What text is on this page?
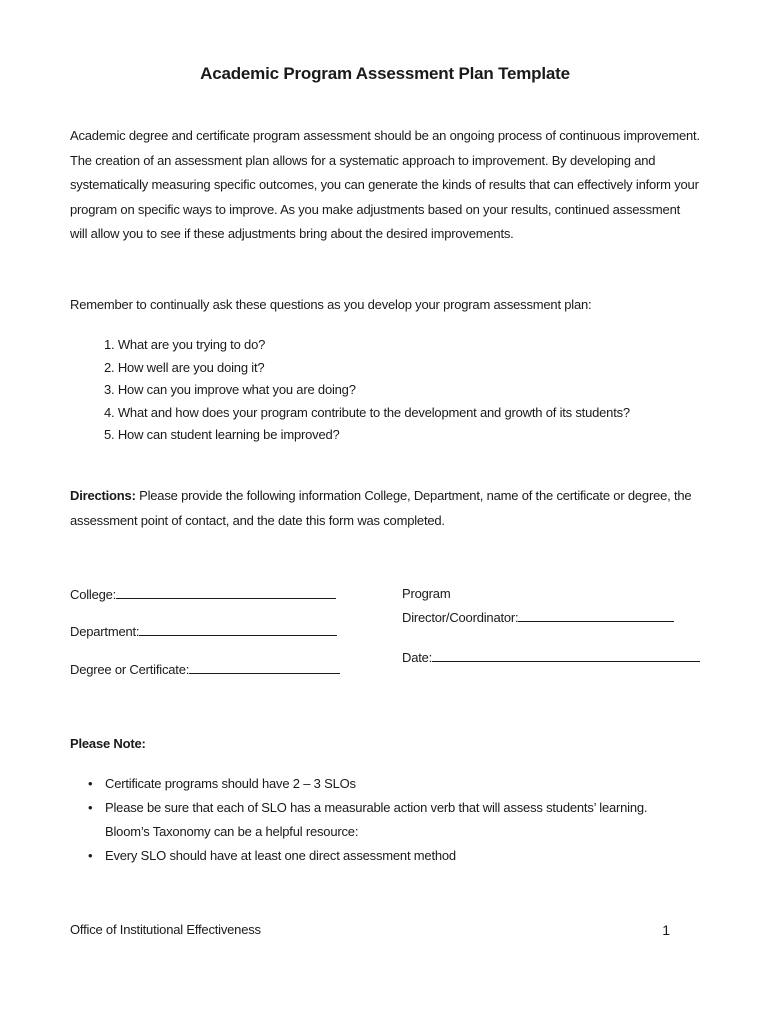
Academic Program Assessment Plan Template
Academic degree and certificate program assessment should be an ongoing process of continuous improvement. The creation of an assessment plan allows for a systematic approach to improvement. By developing and systematically measuring specific outcomes, you can generate the kinds of results that can effectively inform your program on specific ways to improve. As you make adjustments based on your results, continued assessment will allow you to see if these adjustments bring about the desired improvements.
Remember to continually ask these questions as you develop your program assessment plan:
1. What are you trying to do?
2. How well are you doing it?
3. How can you improve what you are doing?
4. What and how does your program contribute to the development and growth of its students?
5. How can student learning be improved?
Directions: Please provide the following information College, Department, name of the certificate or degree, the assessment point of contact, and the date this form was completed.
College:
Department:
Degree or Certificate:
Program
Director/Coordinator:
Date:
Please Note:
• Certificate programs should have 2 – 3 SLOs
• Please be sure that each of SLO has a measurable action verb that will assess students’ learning. Bloom’s Taxonomy can be a helpful resource:
• Every SLO should have at least one direct assessment method
Office of Institutional Effectiveness	1
